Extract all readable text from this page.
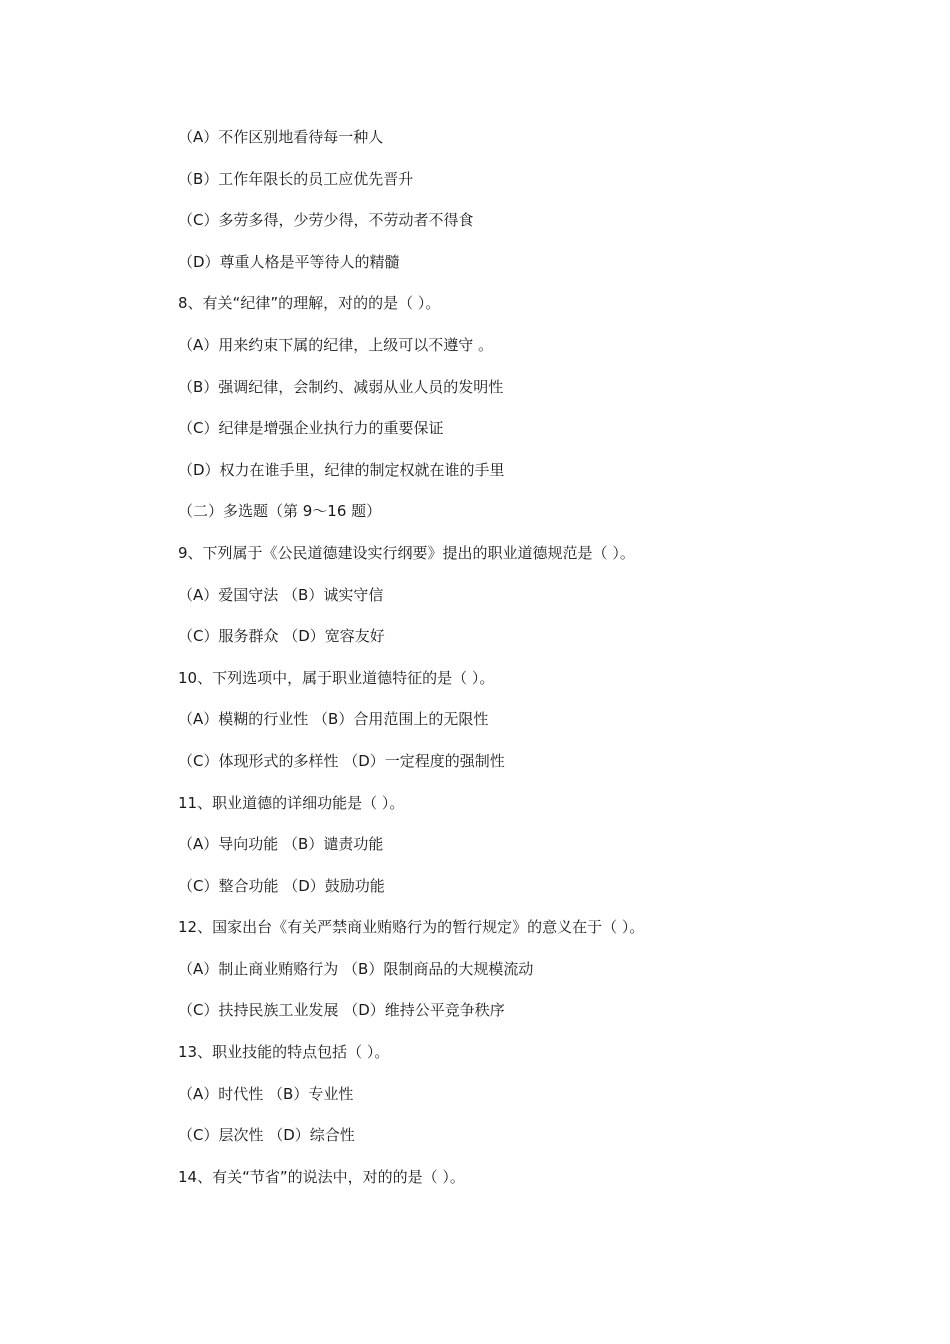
（A）不作区别地看待每一种人
（B）工作年限长的员工应优先晋升
（C）多劳多得，少劳少得，不劳动者不得食
（D）尊重人格是平等待人的精髓
8、有关“纪律”的理解，对的的是（ ）。
（A）用来约束下属的纪律，上级可以不遵守 。
（B）强调纪律，会制约、减弱从业人员的发明性
（C）纪律是增强企业执行力的重要保证
（D）权力在谁手里，纪律的制定权就在谁的手里
（二）多选题（第 9～16 题）
9、下列属于《公民道德建设实行纲要》提出的职业道德规范是（ ）。
（A）爱国守法 （B）诚实守信
（C）服务群众 （D）宽容友好
10、下列选项中，属于职业道德特征的是（ ）。
（A）模糊的行业性 （B）合用范围上的无限性
（C）体现形式的多样性 （D）一定程度的强制性
11、职业道德的详细功能是（ ）。
（A）导向功能 （B）谴责功能
（C）整合功能 （D）鼓励功能
12、国家出台《有关严禁商业贿赂行为的暂行规定》的意义在于（ ）。
（A）制止商业贿赂行为 （B）限制商品的大规模流动
（C）扶持民族工业发展 （D）维持公平竞争秩序
13、职业技能的特点包括（ ）。
（A）时代性 （B）专业性
（C）层次性 （D）综合性
14、有关“节省”的说法中，对的的是（ ）。
